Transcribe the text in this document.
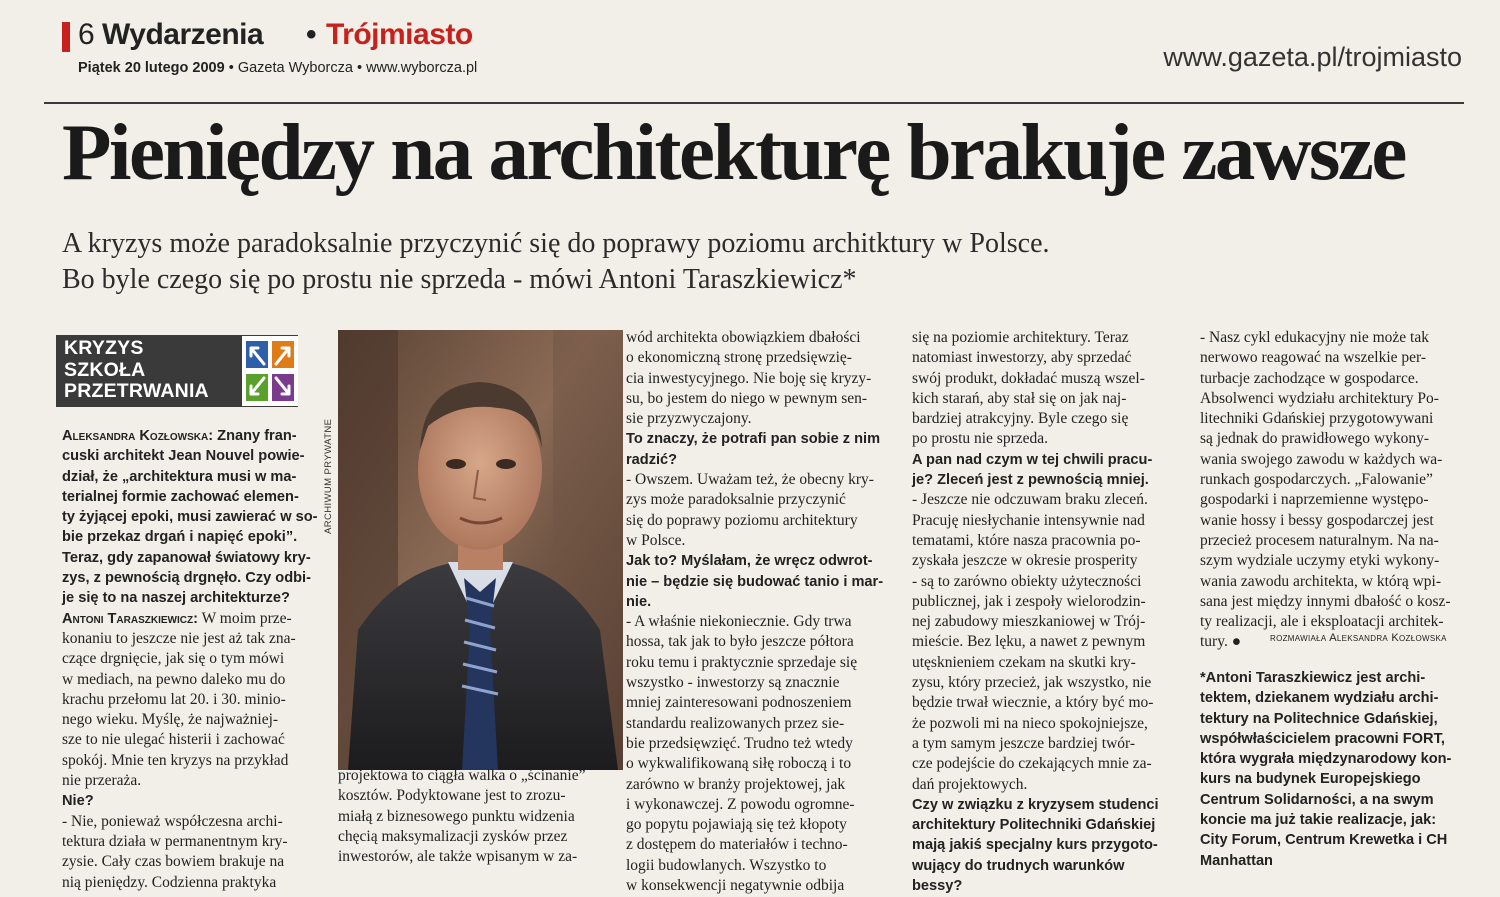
6 Wydarzenia • Trójmiasto
Piątek 20 lutego 2009 • Gazeta Wyborcza • www.wyborcza.pl	www.gazeta.pl/trojmiasto
Pieniędzy na architekturę brakuje zawsze
A kryzys może paradoksalnie przyczynić się do poprawy poziomu architktury w Polsce.
Bo byle czego się po prostu nie sprzeda - mówi Antoni Taraszkiewicz*
KRYZYS
SZKOŁA
PRZETRWANIA
ARCHIWUM PRYWATNE
Aleksandra Kozłowska: Znany fran-
cuski architekt Jean Nouvel powie-
dział, że „architektura musi w ma-
terialnej formie zachować elemen-
ty żyjącej epoki, musi zawierać w so-
bie przekaz drgań i napięć epoki”.
Teraz, gdy zapanował światowy kry-
zys, z pewnością drgnęło. Czy odbi-
je się to na naszej architekturze?
Antoni Taraszkiewicz: W moim prze-
konaniu to jeszcze nie jest aż tak zna-
czące drgnięcie, jak się o tym mówi
w mediach, na pewno daleko mu do
krachu przełomu lat 20. i 30. minio-
nego wieku. Myślę, że najważniej-
sze to nie ulegać histerii i zachować
spokój. Mnie ten kryzys na przykład
nie przeraża.
Nie?
- Nie, ponieważ współczesna archi-
tektura działa w permanentnym kry-
zysie. Cały czas bowiem brakuje na
nią pieniędzy. Codzienna praktyka
projektowa to ciągła walka o „ścinanie”
kosztów. Podyktowane jest to zrozu-
miałą z biznesowego punktu widzenia
chęcią maksymalizacji zysków przez
inwestorów, ale także wpisanym w za-
wód architekta obowiązkiem dbałości
o ekonomiczną stronę przedsięwzię-
cia inwestycyjnego. Nie boję się kryzy-
su, bo jestem do niego w pewnym sen-
sie przyzwyczajony.
To znaczy, że potrafi pan sobie z nim
radzić?
- Owszem. Uważam też, że obecny kry-
zys może paradoksalnie przyczynić
się do poprawy poziomu architektury
w Polsce.
Jak to? Myślałam, że wręcz odwrot-
nie – będzie się budować tanio i mar-
nie.
- A właśnie niekoniecznie. Gdy trwa
hossa, tak jak to było jeszcze półtora
roku temu i praktycznie sprzedaje się
wszystko - inwestorzy są znacznie
mniej zainteresowani podnoszeniem
standardu realizowanych przez sie-
bie przedsięwzięć. Trudno też wtedy
o wykwalifikowaną siłę roboczą i to
zarówno w branży projektowej, jak
i wykonawczej. Z powodu ogromne-
go popytu pojawiają się też kłopoty
z dostępem do materiałów i techno-
logii budowlanych. Wszystko to
w konsekwencji negatywnie odbija
się na poziomie architektury. Teraz
natomiast inwestorzy, aby sprzedać
swój produkt, dokładać muszą wszel-
kich starań, aby stał się on jak naj-
bardziej atrakcyjny. Byle czego się
po prostu nie sprzeda.
A pan nad czym w tej chwili pracu-
je? Zleceń jest z pewnością mniej.
- Jeszcze nie odczuwam braku zleceń.
Pracuję niesłychanie intensywnie nad
tematami, które nasza pracownia po-
zyskała jeszcze w okresie prosperity
- są to zarówno obiekty użyteczności
publicznej, jak i zespoły wielorodzin-
nej zabudowy mieszkaniowej w Trój-
mieście. Bez lęku, a nawet z pewnym
utęsknieniem czekam na skutki kry-
zysu, który przecież, jak wszystko, nie
będzie trwał wiecznie, a który być mo-
że pozwoli mi na nieco spokojniejsze,
a tym samym jeszcze bardziej twór-
cze podejście do czekających mnie za-
dań projektowych.
Czy w związku z kryzysem studenci
architektury Politechniki Gdańskiej
mają jakiś specjalny kurs przygoto-
wujący do trudnych warunków
bessy?
- Nasz cykl edukacyjny nie może tak
nerwowo reagować na wszelkie per-
turbacje zachodzące w gospodarce.
Absolwenci wydziału architektury Po-
litechniki Gdańskiej przygotowywani
są jednak do prawidłowego wykony-
wania swojego zawodu w każdych wa-
runkach gospodarczych. „Falowanie”
gospodarki i naprzemienne występo-
wanie hossy i bessy gospodarczej jest
przecież procesem naturalnym. Na na-
szym wydziale uczymy etyki wykony-
wania zawodu architekta, w którą wpi-
sana jest między innymi dbałość o kosz-
ty realizacji, ale i eksploatacji architek-
tury. ●	rozmawiała Aleksandra Kozłowska
*Antoni Taraszkiewicz jest archi-
tektem, dziekanem wydziału archi-
tektury na Politechnice Gdańskiej,
współwłaścicielem pracowni FORT,
która wygrała międzynarodowy kon-
kurs na budynek Europejskiego
Centrum Solidarności, a na swym
koncie ma już takie realizacje, jak:
City Forum, Centrum Krewetka i CH
Manhattan
